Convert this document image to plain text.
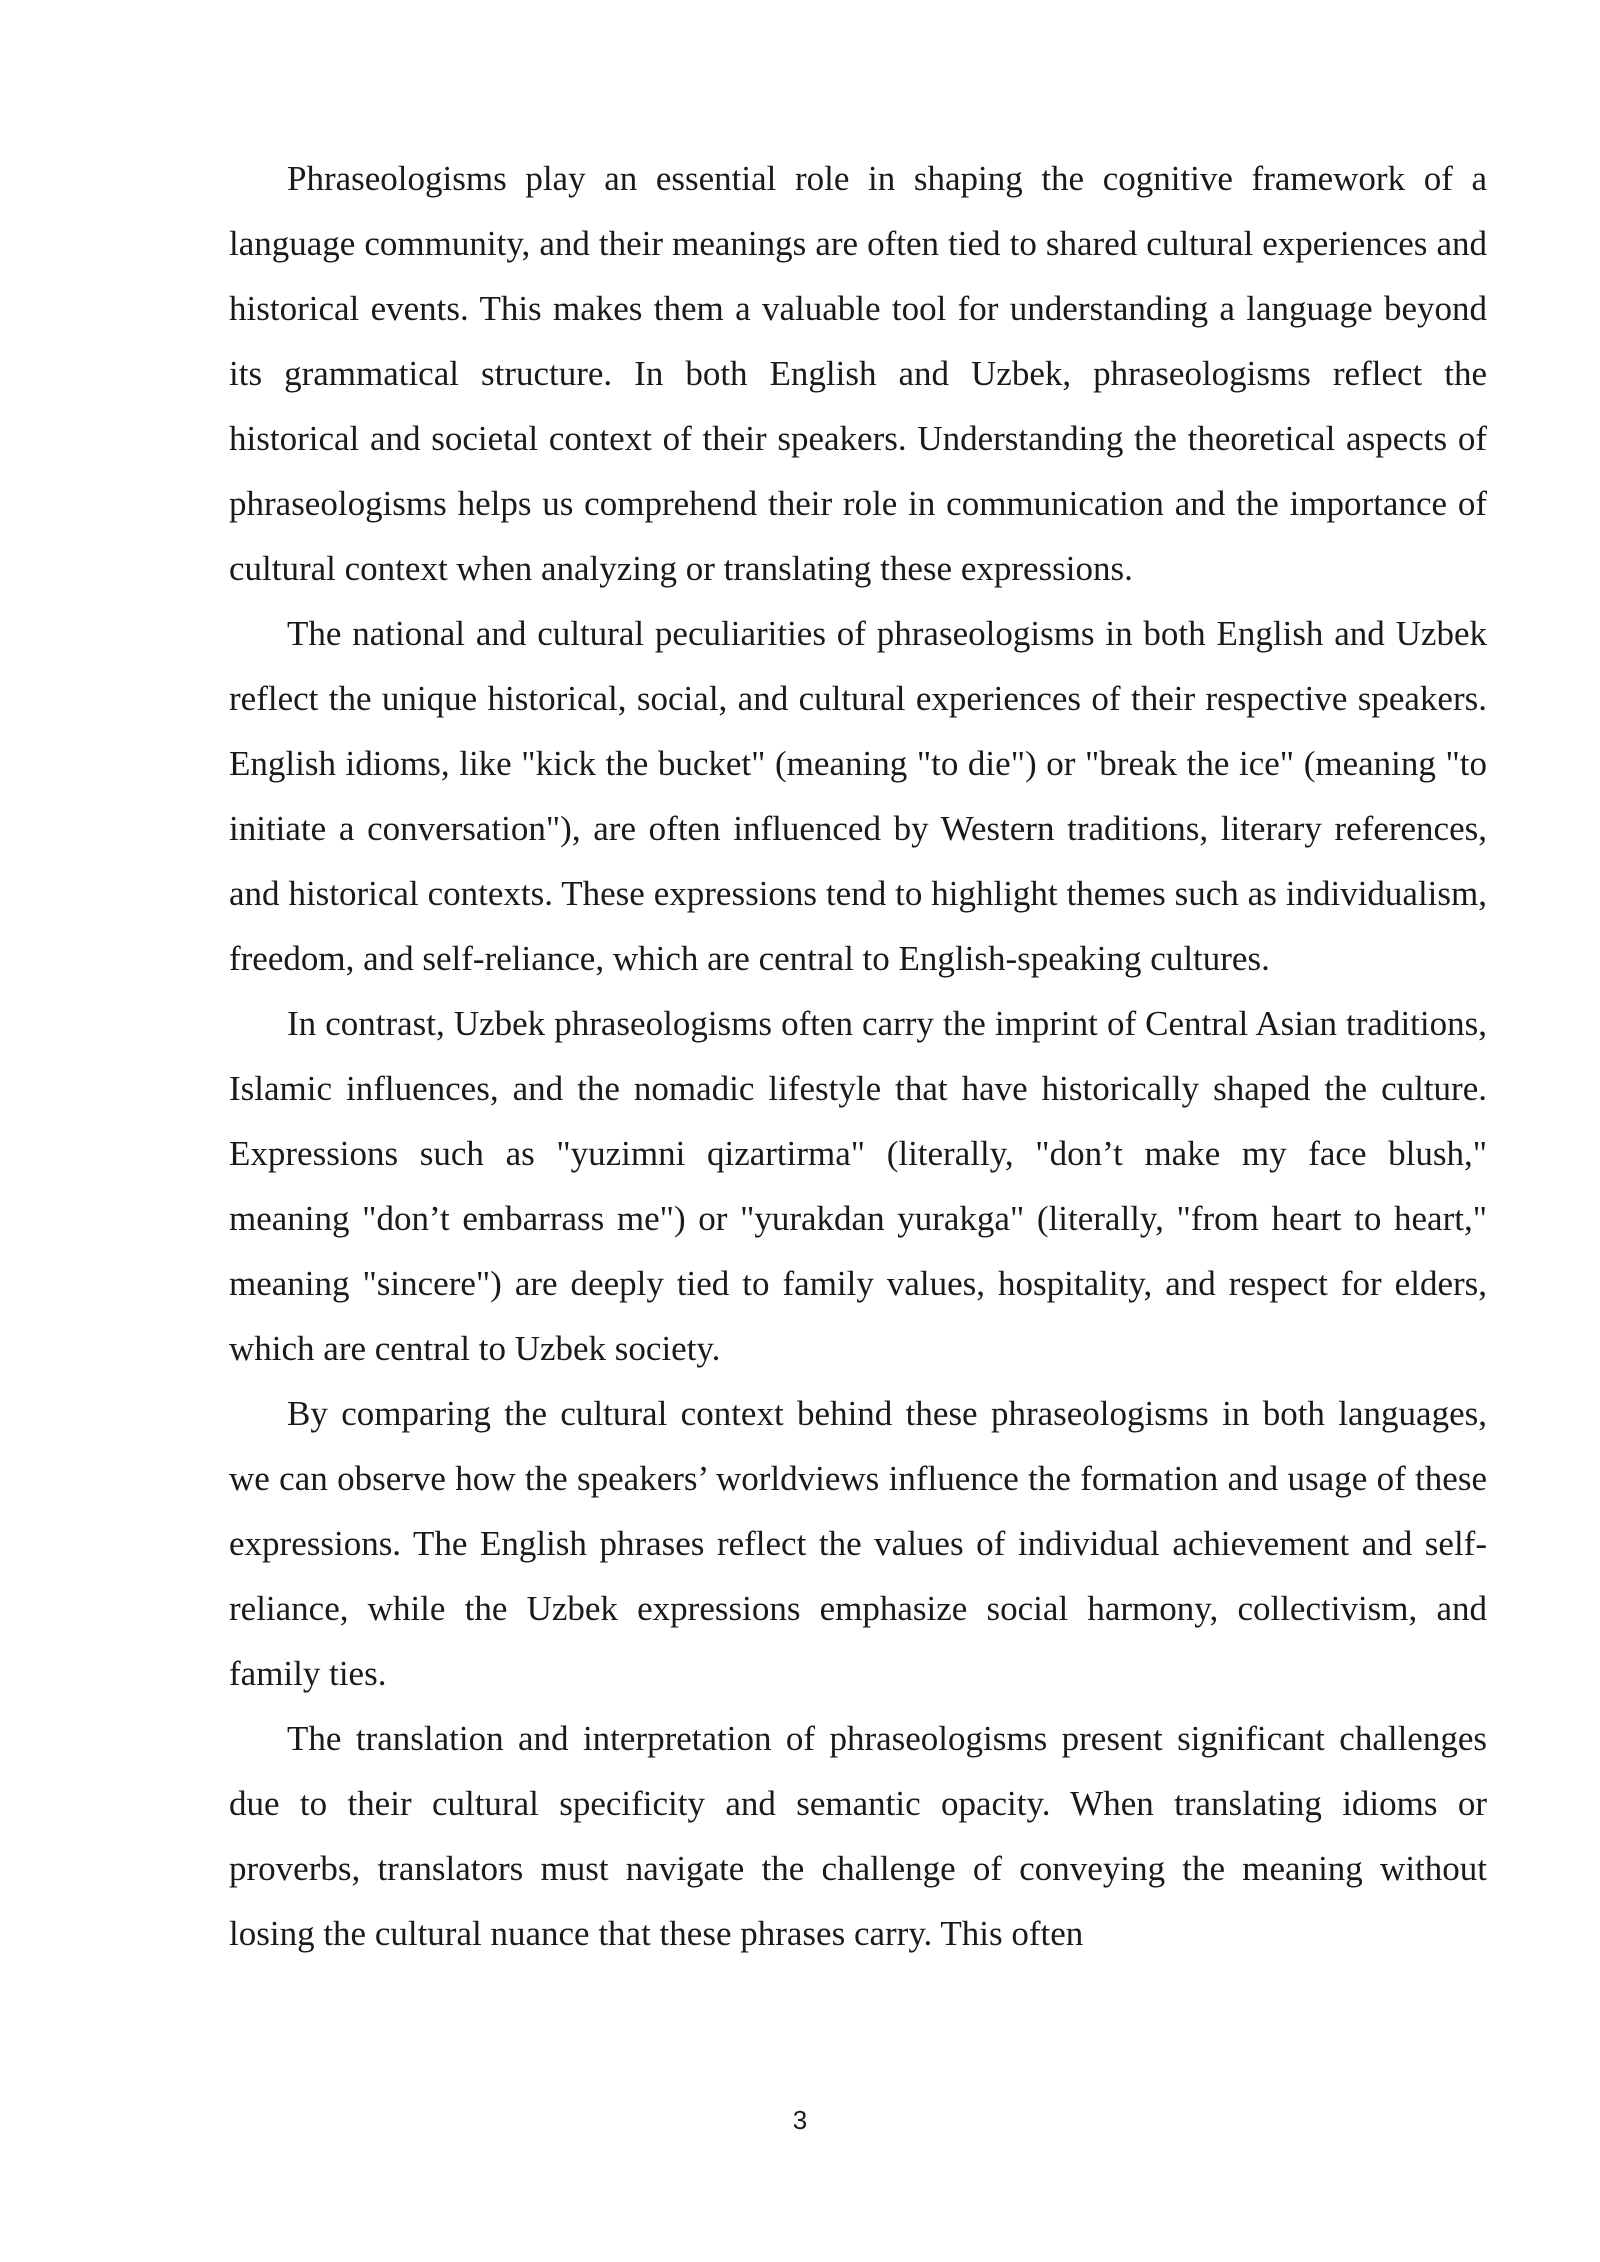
Phraseologisms play an essential role in shaping the cognitive framework of a language community, and their meanings are often tied to shared cultural experiences and historical events. This makes them a valuable tool for understanding a language beyond its grammatical structure. In both English and Uzbek, phraseologisms reflect the historical and societal context of their speakers. Understanding the theoretical aspects of phraseologisms helps us comprehend their role in communication and the importance of cultural context when analyzing or translating these expressions.

The national and cultural peculiarities of phraseologisms in both English and Uzbek reflect the unique historical, social, and cultural experiences of their respective speakers. English idioms, like "kick the bucket" (meaning "to die") or "break the ice" (meaning "to initiate a conversation"), are often influenced by Western traditions, literary references, and historical contexts. These expressions tend to highlight themes such as individualism, freedom, and self-reliance, which are central to English-speaking cultures.

In contrast, Uzbek phraseologisms often carry the imprint of Central Asian traditions, Islamic influences, and the nomadic lifestyle that have historically shaped the culture. Expressions such as "yuzimni qizartirma" (literally, "don’t make my face blush," meaning "don’t embarrass me") or "yurakdan yurakga" (literally, "from heart to heart," meaning "sincere") are deeply tied to family values, hospitality, and respect for elders, which are central to Uzbek society.

By comparing the cultural context behind these phraseologisms in both languages, we can observe how the speakers’ worldviews influence the formation and usage of these expressions. The English phrases reflect the values of individual achievement and self-reliance, while the Uzbek expressions emphasize social harmony, collectivism, and family ties.

The translation and interpretation of phraseologisms present significant challenges due to their cultural specificity and semantic opacity. When translating idioms or proverbs, translators must navigate the challenge of conveying the meaning without losing the cultural nuance that these phrases carry. This often

3
